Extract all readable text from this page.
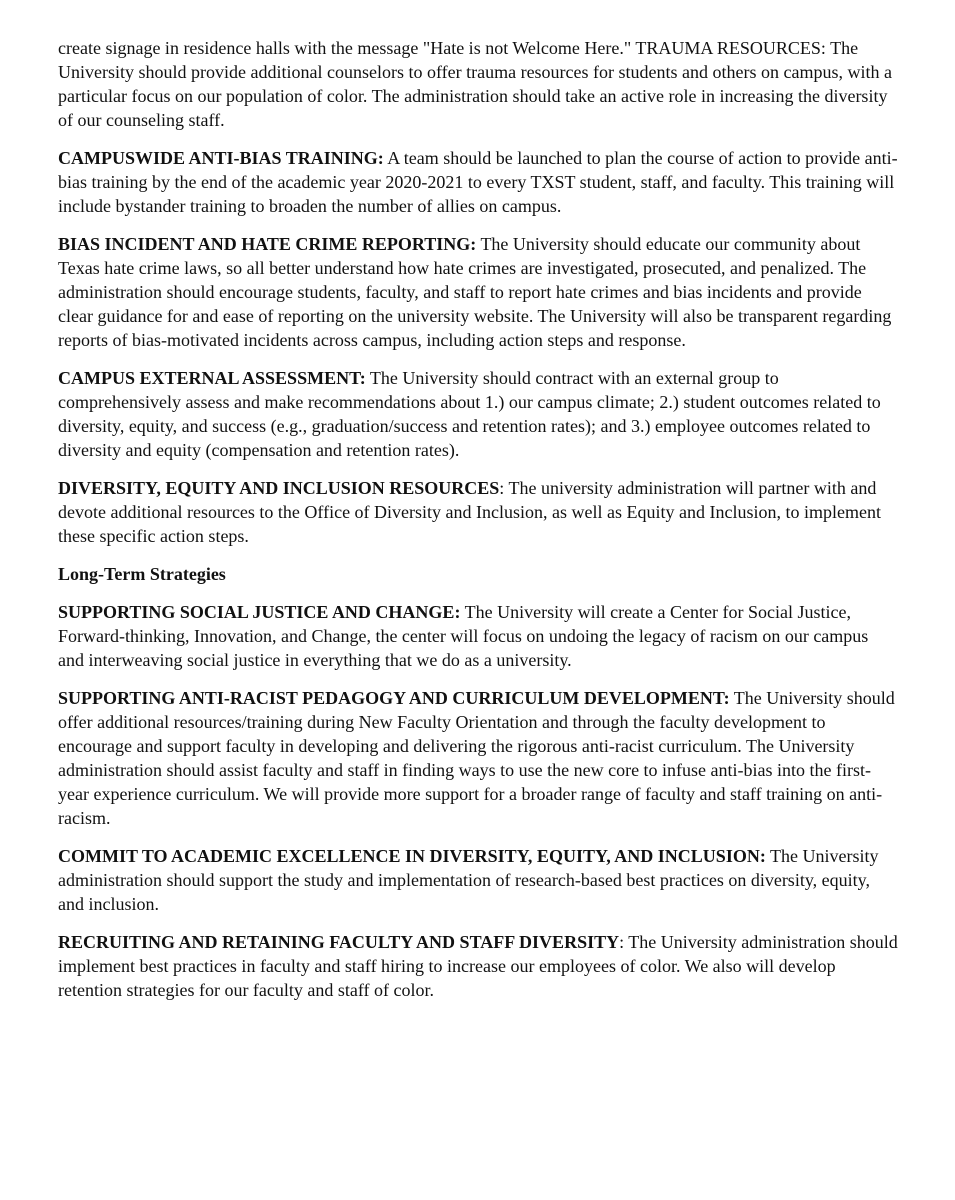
create signage in residence halls with the message "Hate is not Welcome Here." TRAUMA RESOURCES: The University should provide additional counselors to offer trauma resources for students and others on campus, with a particular focus on our population of color. The administration should take an active role in increasing the diversity of our counseling staff.

CAMPUSWIDE ANTI-BIAS TRAINING: A team should be launched to plan the course of action to provide anti-bias training by the end of the academic year 2020-2021 to every TXST student, staff, and faculty. This training will include bystander training to broaden the number of allies on campus.

BIAS INCIDENT AND HATE CRIME REPORTING: The University should educate our community about Texas hate crime laws, so all better understand how hate crimes are investigated, prosecuted, and penalized. The administration should encourage students, faculty, and staff to report hate crimes and bias incidents and provide clear guidance for and ease of reporting on the university website. The University will also be transparent regarding reports of bias-motivated incidents across campus, including action steps and response.

CAMPUS EXTERNAL ASSESSMENT: The University should contract with an external group to comprehensively assess and make recommendations about 1.) our campus climate; 2.) student outcomes related to diversity, equity, and success (e.g., graduation/success and retention rates); and 3.) employee outcomes related to diversity and equity (compensation and retention rates).

DIVERSITY, EQUITY AND INCLUSION RESOURCES: The university administration will partner with and devote additional resources to the Office of Diversity and Inclusion, as well as Equity and Inclusion, to implement these specific action steps.

Long-Term Strategies

SUPPORTING SOCIAL JUSTICE AND CHANGE: The University will create a Center for Social Justice, Forward-thinking, Innovation, and Change, the center will focus on undoing the legacy of racism on our campus and interweaving social justice in everything that we do as a university.

SUPPORTING ANTI-RACIST PEDAGOGY AND CURRICULUM DEVELOPMENT: The University should offer additional resources/training during New Faculty Orientation and through the faculty development to encourage and support faculty in developing and delivering the rigorous anti-racist curriculum. The University administration should assist faculty and staff in finding ways to use the new core to infuse anti-bias into the first-year experience curriculum. We will provide more support for a broader range of faculty and staff training on anti-racism.

COMMIT TO ACADEMIC EXCELLENCE IN DIVERSITY, EQUITY, AND INCLUSION: The University administration should support the study and implementation of research-based best practices on diversity, equity, and inclusion.

RECRUITING AND RETAINING FACULTY AND STAFF DIVERSITY: The University administration should implement best practices in faculty and staff hiring to increase our employees of color. We also will develop retention strategies for our faculty and staff of color.
